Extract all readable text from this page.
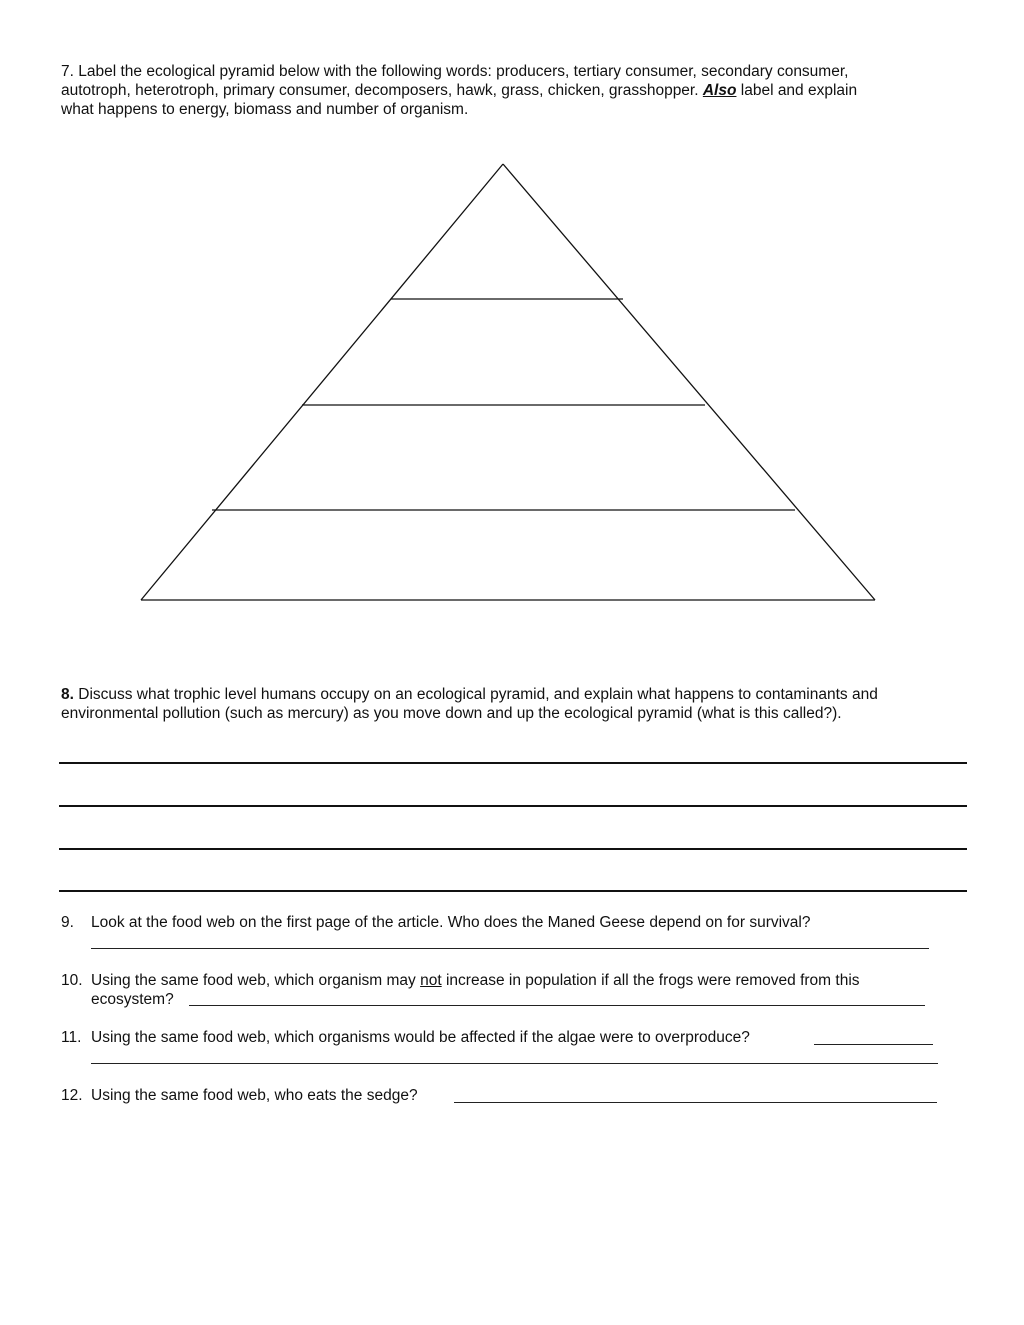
7. Label the ecological pyramid below with the following words: producers, tertiary consumer, secondary consumer,
autotroph, heterotroph, primary consumer, decomposers, hawk, grass, chicken, grasshopper. Also label and explain
what happens to energy, biomass and number of organism.
8. Discuss what trophic level humans occupy on an ecological pyramid, and explain what happens to contaminants and
environmental pollution (such as mercury) as you move down and up the ecological pyramid (what is this called?).
9. Look at the food web on the first page of the article. Who does the Maned Geese depend on for survival?
10. Using the same food web, which organism may not increase in population if all the frogs were removed from this
ecosystem?
11. Using the same food web, which organisms would be affected if the algae were to overproduce?
12. Using the same food web, who eats the sedge?
